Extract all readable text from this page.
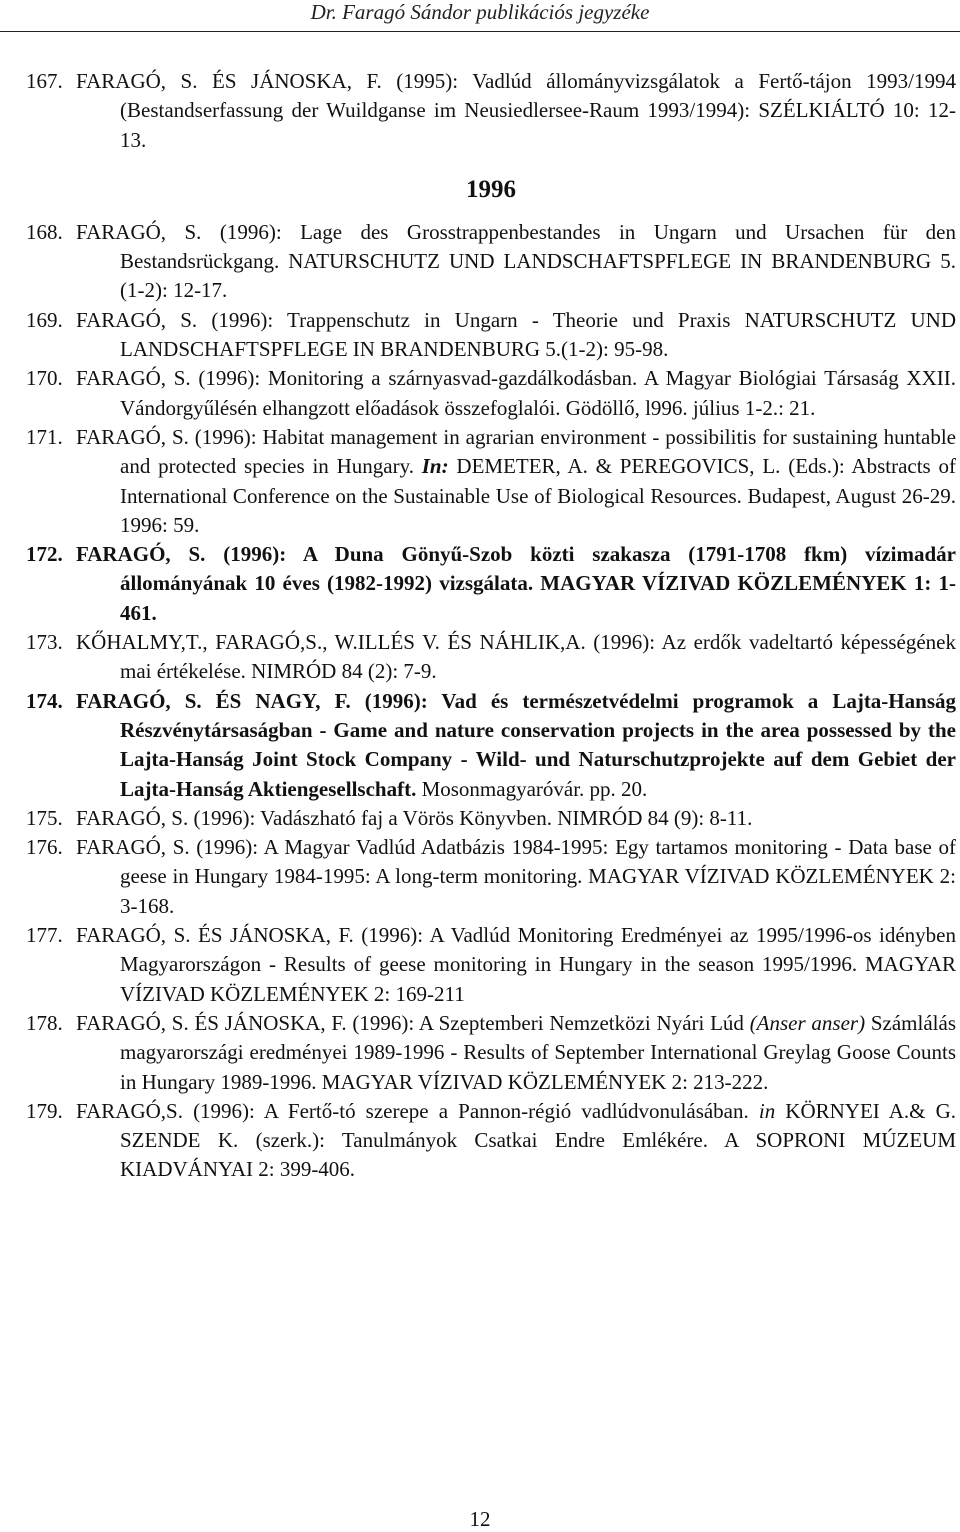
Dr. Faragó Sándor publikációs jegyzéke
167. FARAGÓ, S. ÉS JÁNOSKA, F. (1995): Vadlúd állományvizsgálatok a Fertő-tájon 1993/1994 (Bestandserfassung der Wuildganse im Neusiedlersee-Raum 1993/1994): SZÉLKIÁLTÓ 10: 12-13.
1996
168. FARAGÓ, S. (1996): Lage des Grosstrappenbestandes in Ungarn und Ursachen für den Bestandsrückgang. NATURSCHUTZ UND LANDSCHAFTSPFLEGE IN BRANDENBURG 5.(1-2): 12-17.
169. FARAGÓ, S. (1996): Trappenschutz in Ungarn - Theorie und Praxis NATURSCHUTZ UND LANDSCHAFTSPFLEGE IN BRANDENBURG 5.(1-2): 95-98.
170. FARAGÓ, S. (1996): Monitoring a szárnyasvad-gazdálkodásban. A Magyar Biológiai Társaság XXII. Vándorgyűlésén elhangzott előadások összefoglalói. Gödöllő, l996. július 1-2.: 21.
171. FARAGÓ, S. (1996): Habitat management in agrarian environment - possibilitis for sustaining huntable and protected species in Hungary. In: DEMETER, A. & PEREGOVICS, L. (Eds.): Abstracts of International Conference on the Sustainable Use of Biological Resources. Budapest, August 26-29. 1996: 59.
172. FARAGÓ, S. (1996): A Duna Gönyű-Szob közti szakasza (1791-1708 fkm) vízimadár állományának 10 éves (1982-1992) vizsgálata. MAGYAR VÍZIVAD KÖZLEMÉNYEK 1: 1-461.
173. KŐHALMY,T., FARAGÓ,S., W.ILLÉS V. ÉS NÁHLIK,A. (1996): Az erdők vadeltartó képességének mai értékelése. NIMRÓD 84 (2): 7-9.
174. FARAGÓ, S. ÉS NAGY, F. (1996): Vad és természetvédelmi programok a Lajta-Hanság Részvénytársaságban - Game and nature conservation projects in the area possessed by the Lajta-Hanság Joint Stock Company - Wild- und Naturschutzprojekte auf dem Gebiet der Lajta-Hanság Aktiengesellschaft. Mosonmagyaróvár. pp. 20.
175. FARAGÓ, S. (1996): Vadászható faj a Vörös Könyvben. NIMRÓD 84 (9): 8-11.
176. FARAGÓ, S. (1996): A Magyar Vadlúd Adatbázis 1984-1995: Egy tartamos monitoring - Data base of geese in Hungary 1984-1995: A long-term monitoring. MAGYAR VÍZIVAD KÖZLEMÉNYEK 2: 3-168.
177. FARAGÓ, S. ÉS JÁNOSKA, F. (1996): A Vadlúd Monitoring Eredményei az 1995/1996-os idényben Magyarországon - Results of geese monitoring in Hungary in the season 1995/1996. MAGYAR VÍZIVAD KÖZLEMÉNYEK 2: 169-211
178. FARAGÓ, S. ÉS JÁNOSKA, F. (1996): A Szeptemberi Nemzetközi Nyári Lúd (Anser anser) Számlálás magyarországi eredményei 1989-1996 - Results of September International Greylag Goose Counts in Hungary 1989-1996. MAGYAR VÍZIVAD KÖZLEMÉNYEK 2: 213-222.
179. FARAGÓ,S. (1996): A Fertő-tó szerepe a Pannon-régió vadlúdvonulásában. in KÖRNYEI A.& G. SZENDE K. (szerk.): Tanulmányok Csatkai Endre Emlékére. A SOPRONI MÚZEUM KIADVÁNYAI 2: 399-406.
12
